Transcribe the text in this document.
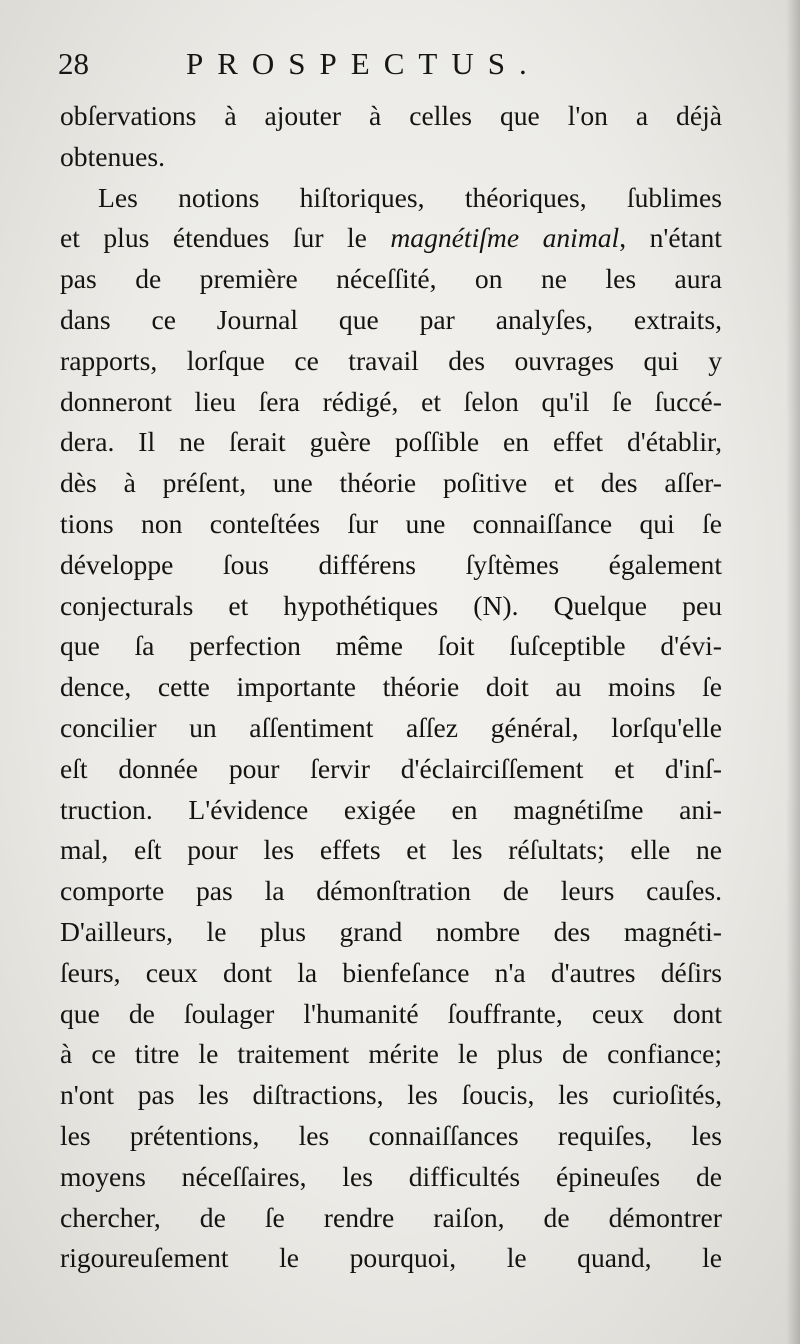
28	PROSPECTUS.
obſervations à ajouter à celles que l'on a déjà
obtenues.
Les notions hiſtoriques, théoriques, ſublimes
et plus étendues ſur le magnétiſme animal, n'étant
pas de première néceſſité, on ne les aura
dans ce Journal que par analyſes, extraits,
rapports, lorſque ce travail des ouvrages qui y
donneront lieu ſera rédigé, et ſelon qu'il ſe ſuccé-
dera. Il ne ſerait guère poſſible en effet d'établir,
dès à préſent, une théorie poſitive et des aſſer-
tions non conteſtées ſur une connaiſſance qui ſe
développe ſous différens ſyſtèmes également
conjecturals et hypothétiques (N). Quelque peu
que ſa perfection même ſoit ſuſceptible d'évi-
dence, cette importante théorie doit au moins ſe
concilier un aſſentiment aſſez général, lorſqu'elle
eſt donnée pour ſervir d'éclairciſſement et d'inſ-
truction. L'évidence exigée en magnétiſme ani-
mal, eſt pour les effets et les réſultats; elle ne
comporte pas la démonſtration de leurs cauſes.
D'ailleurs, le plus grand nombre des magnéti-
ſeurs, ceux dont la bienfeſance n'a d'autres déſirs
que de ſoulager l'humanité ſouffrante, ceux dont
à ce titre le traitement mérite le plus de confiance;
n'ont pas les diſtractions, les ſoucis, les curioſités,
les prétentions, les connaiſſances requiſes, les
moyens néceſſaires, les difficultés épineuſes de
chercher, de ſe rendre raiſon, de démontrer
rigoureuſement le pourquoi, le quand, le
